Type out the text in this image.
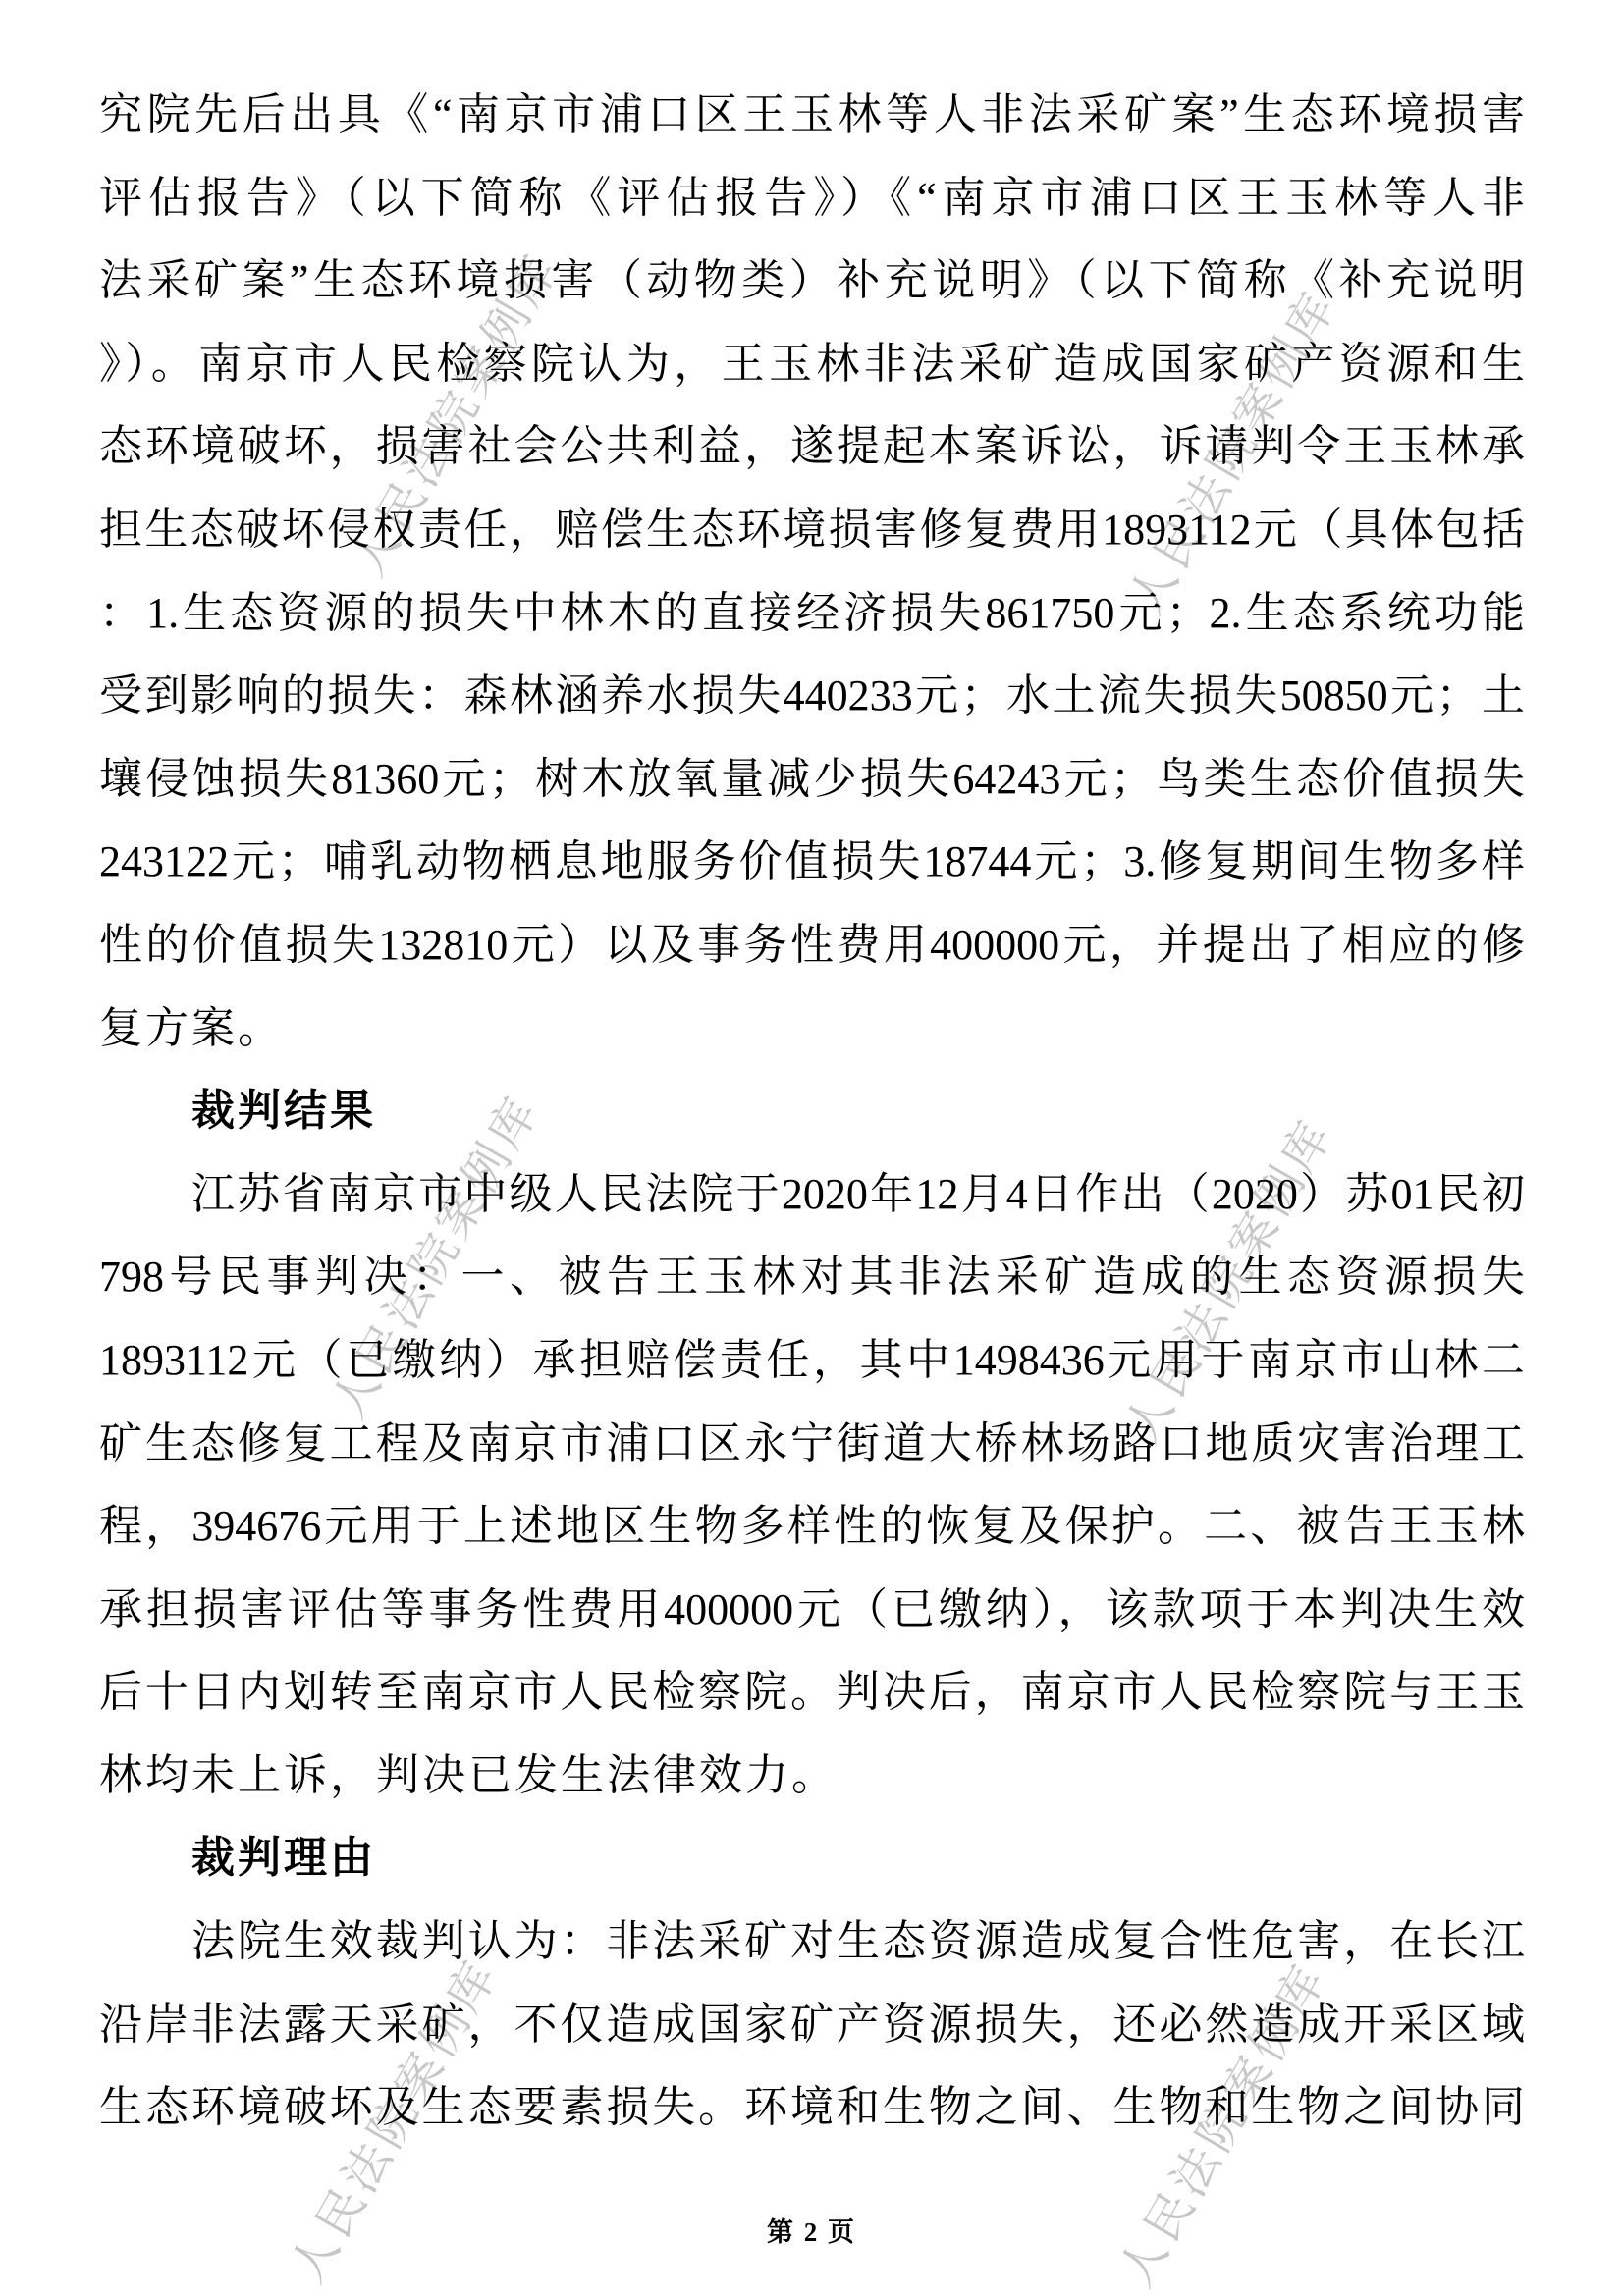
人民法院案例库	人民法院案例库
人民法院案例库	人民法院案例库
人民法院案例库	人民法院案例库
究院先后出具《“南京市浦口区王玉林等人非法采矿案”生态环境损害
评估报告》（以下简称《评估报告》）《“南京市浦口区王玉林等人非
法采矿案”生态环境损害（动物类）补充说明》（以下简称《补充说明
》）。南京市人民检察院认为，王玉林非法采矿造成国家矿产资源和生
态环境破坏，损害社会公共利益，遂提起本案诉讼，诉请判令王玉林承
担生态破坏侵权责任，赔偿生态环境损害修复费用1893112元（具体包括
：1.生态资源的损失中林木的直接经济损失861750元；2.生态系统功能
受到影响的损失：森林涵养水损失440233元；水土流失损失50850元；土
壤侵蚀损失81360元；树木放氧量减少损失64243元；鸟类生态价值损失
243122元；哺乳动物栖息地服务价值损失18744元；3.修复期间生物多样
性的价值损失132810元）以及事务性费用400000元，并提出了相应的修
复方案。
裁判结果
江苏省南京市中级人民法院于2020年12月4日作出（2020）苏01民初
798号民事判决：一、被告王玉林对其非法采矿造成的生态资源损失
1893112元（已缴纳）承担赔偿责任，其中1498436元用于南京市山林二
矿生态修复工程及南京市浦口区永宁街道大桥林场路口地质灾害治理工
程，394676元用于上述地区生物多样性的恢复及保护。二、被告王玉林
承担损害评估等事务性费用400000元（已缴纳），该款项于本判决生效
后十日内划转至南京市人民检察院。判决后，南京市人民检察院与王玉
林均未上诉，判决已发生法律效力。
裁判理由
法院生效裁判认为：非法采矿对生态资源造成复合性危害，在长江
沿岸非法露天采矿，不仅造成国家矿产资源损失，还必然造成开采区域
生态环境破坏及生态要素损失。环境和生物之间、生物和生物之间协同
第 2 页
